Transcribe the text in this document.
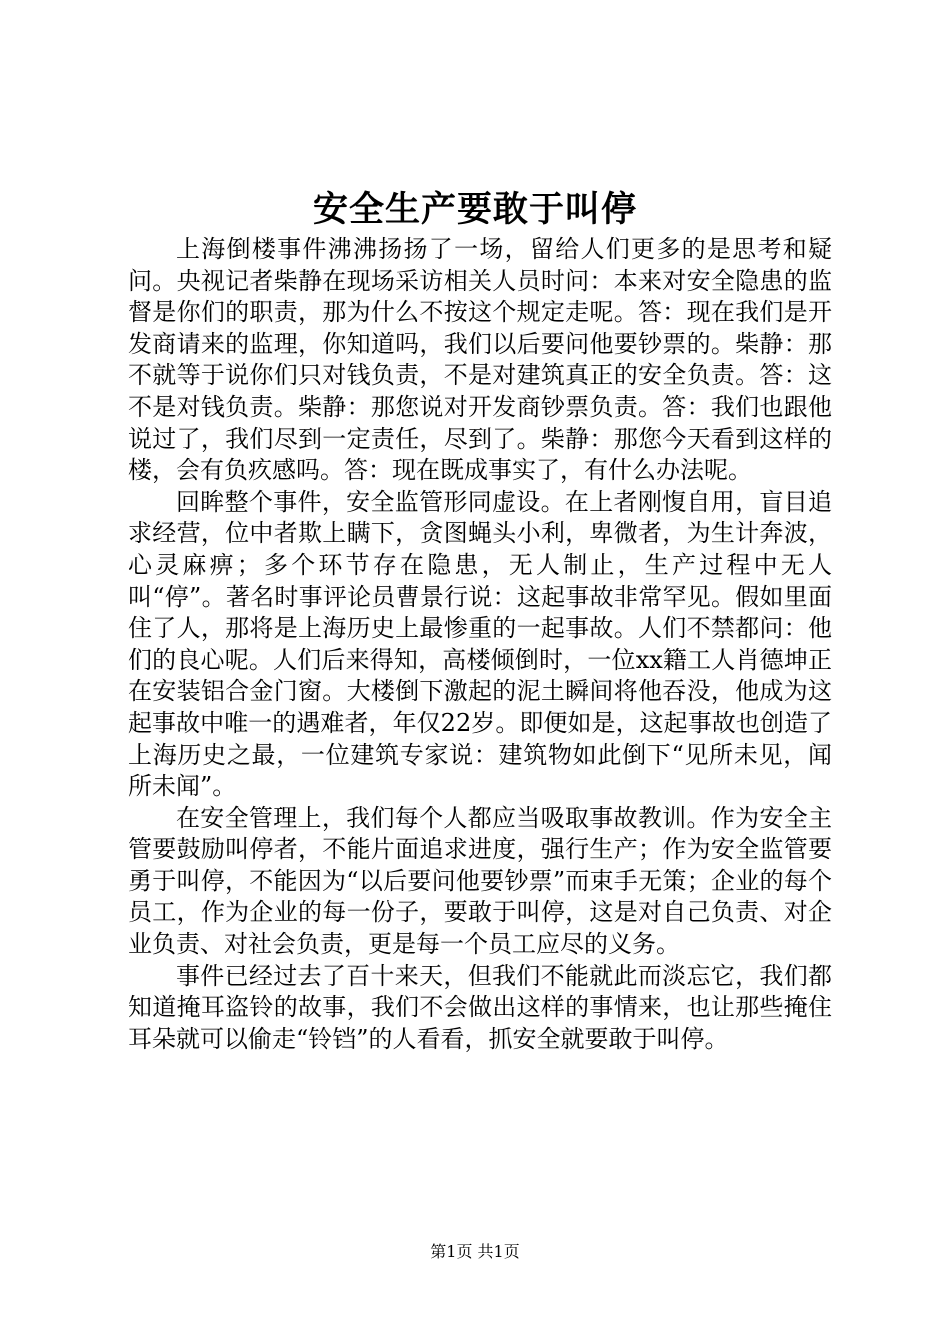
安全生产要敢于叫停

上海倒楼事件沸沸扬扬了一场，留给人们更多的是思考和疑问。央视记者柴静在现场采访相关人员时问：本来对安全隐患的监督是你们的职责，那为什么不按这个规定走呢。答：现在我们是开发商请来的监理，你知道吗，我们以后要问他要钞票的。柴静：那不就等于说你们只对钱负责，不是对建筑真正的安全负责。答：这不是对钱负责。柴静：那您说对开发商钞票负责。答：我们也跟他说过了，我们尽到一定责任，尽到了。柴静：那您今天看到这样的楼，会有负疚感吗。答：现在既成事实了，有什么办法呢。

回眸整个事件，安全监管形同虚设。在上者刚愎自用，盲目追求经营，位中者欺上瞒下，贪图蝇头小利，卑微者，为生计奔波，心灵麻痹；多个环节存在隐患，无人制止，生产过程中无人叫“停”。著名时事评论员曹景行说：这起事故非常罕见。假如里面住了人，那将是上海历史上最惨重的一起事故。人们不禁都问：他们的良心呢。人们后来得知，高楼倾倒时，一位xx籍工人肖德坤正在安装铝合金门窗。大楼倒下激起的泥土瞬间将他吞没，他成为这起事故中唯一的遇难者，年仅22岁。即便如是，这起事故也创造了上海历史之最，一位建筑专家说：建筑物如此倒下“见所未见，闻所未闻”。

在安全管理上，我们每个人都应当吸取事故教训。作为安全主管要鼓励叫停者，不能片面追求进度，强行生产；作为安全监管要勇于叫停，不能因为“以后要问他要钞票”而束手无策；企业的每个员工，作为企业的每一份子，要敢于叫停，这是对自己负责、对企业负责、对社会负责，更是每一个员工应尽的义务。

事件已经过去了百十来天，但我们不能就此而淡忘它，我们都知道掩耳盗铃的故事，我们不会做出这样的事情来，也让那些掩住耳朵就可以偷走“铃铛”的人看看，抓安全就要敢于叫停。

第1页 共1页
